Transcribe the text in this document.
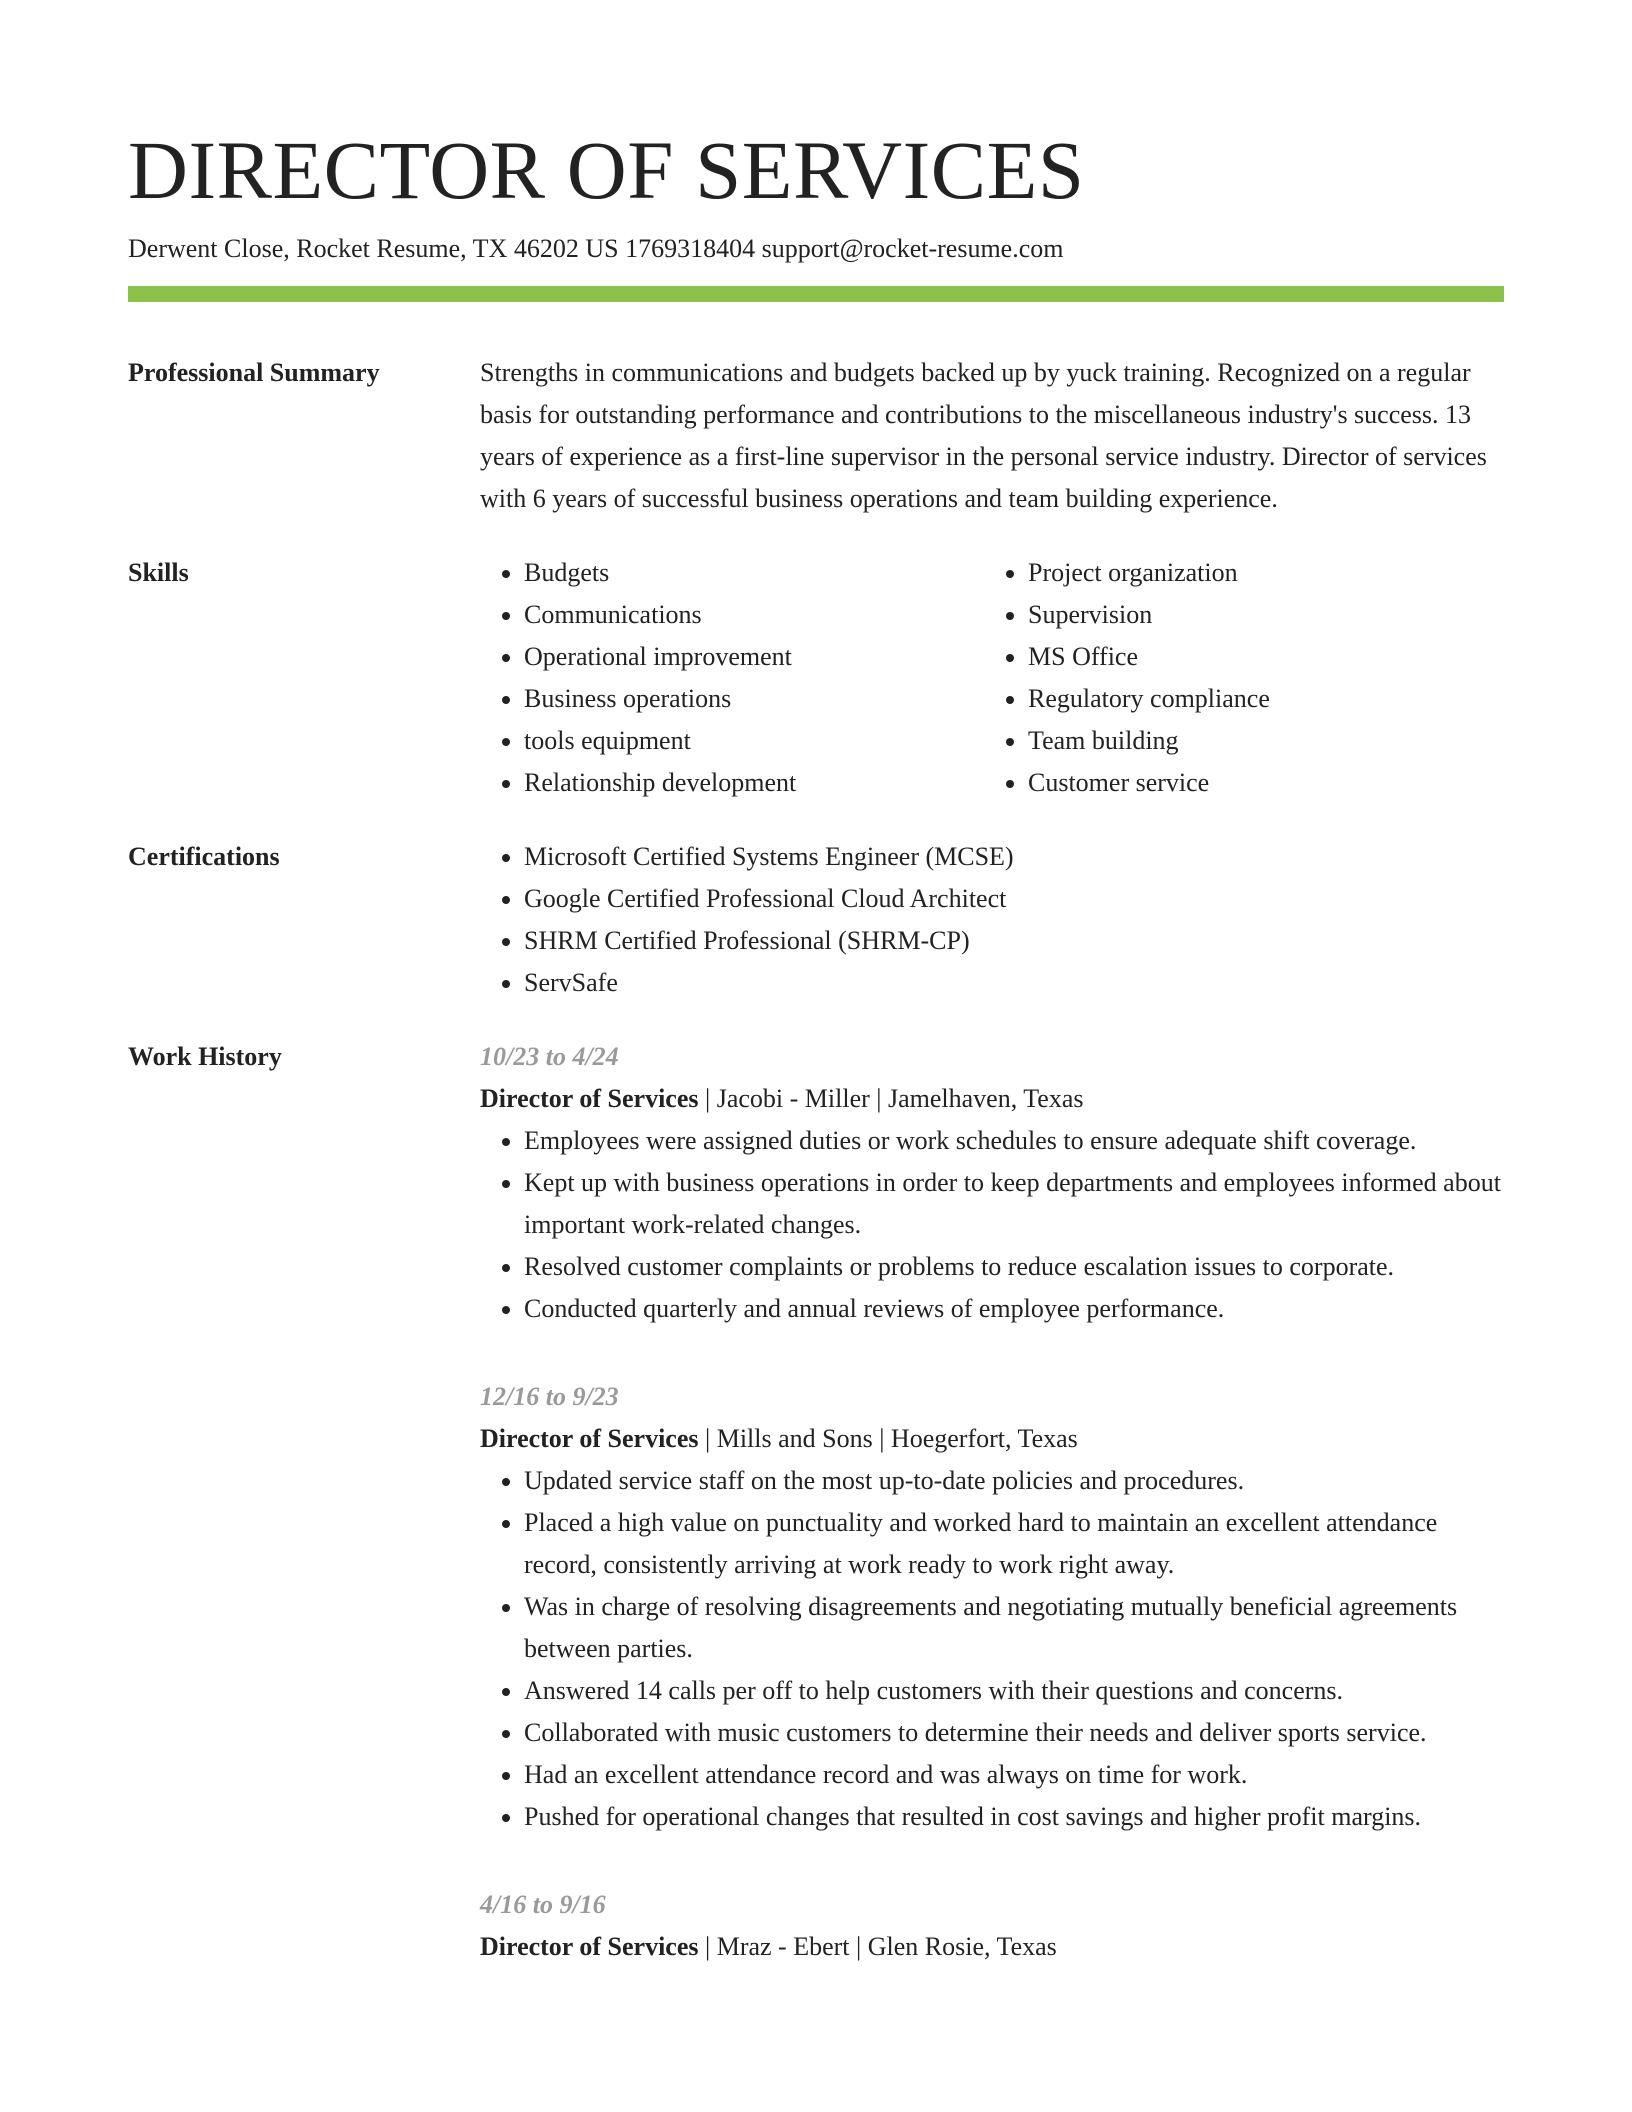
DIRECTOR OF SERVICES
Derwent Close, Rocket Resume, TX 46202 US 1769318404 support@rocket-resume.com
Professional Summary	Strengths in communications and budgets backed up by yuck training. Recognized on a regular basis for outstanding performance and contributions to the miscellaneous industry's success. 13 years of experience as a first-line supervisor in the personal service industry. Director of services with 6 years of successful business operations and team building experience.
Skills	• Budgets
• Communications
• Operational improvement
• Business operations
• tools equipment
• Relationship development
• Project organization
• Supervision
• MS Office
• Regulatory compliance
• Team building
• Customer service
Certifications	• Microsoft Certified Systems Engineer (MCSE)
• Google Certified Professional Cloud Architect
• SHRM Certified Professional (SHRM-CP)
• ServSafe
Work History	10/23 to 4/24
Director of Services | Jacobi - Miller | Jamelhaven, Texas
• Employees were assigned duties or work schedules to ensure adequate shift coverage.
• Kept up with business operations in order to keep departments and employees informed about important work-related changes.
• Resolved customer complaints or problems to reduce escalation issues to corporate.
• Conducted quarterly and annual reviews of employee performance.
12/16 to 9/23
Director of Services | Mills and Sons | Hoegerfort, Texas
• Updated service staff on the most up-to-date policies and procedures.
• Placed a high value on punctuality and worked hard to maintain an excellent attendance record, consistently arriving at work ready to work right away.
• Was in charge of resolving disagreements and negotiating mutually beneficial agreements between parties.
• Answered 14 calls per off to help customers with their questions and concerns.
• Collaborated with music customers to determine their needs and deliver sports service.
• Had an excellent attendance record and was always on time for work.
• Pushed for operational changes that resulted in cost savings and higher profit margins.
4/16 to 9/16
Director of Services | Mraz - Ebert | Glen Rosie, Texas
